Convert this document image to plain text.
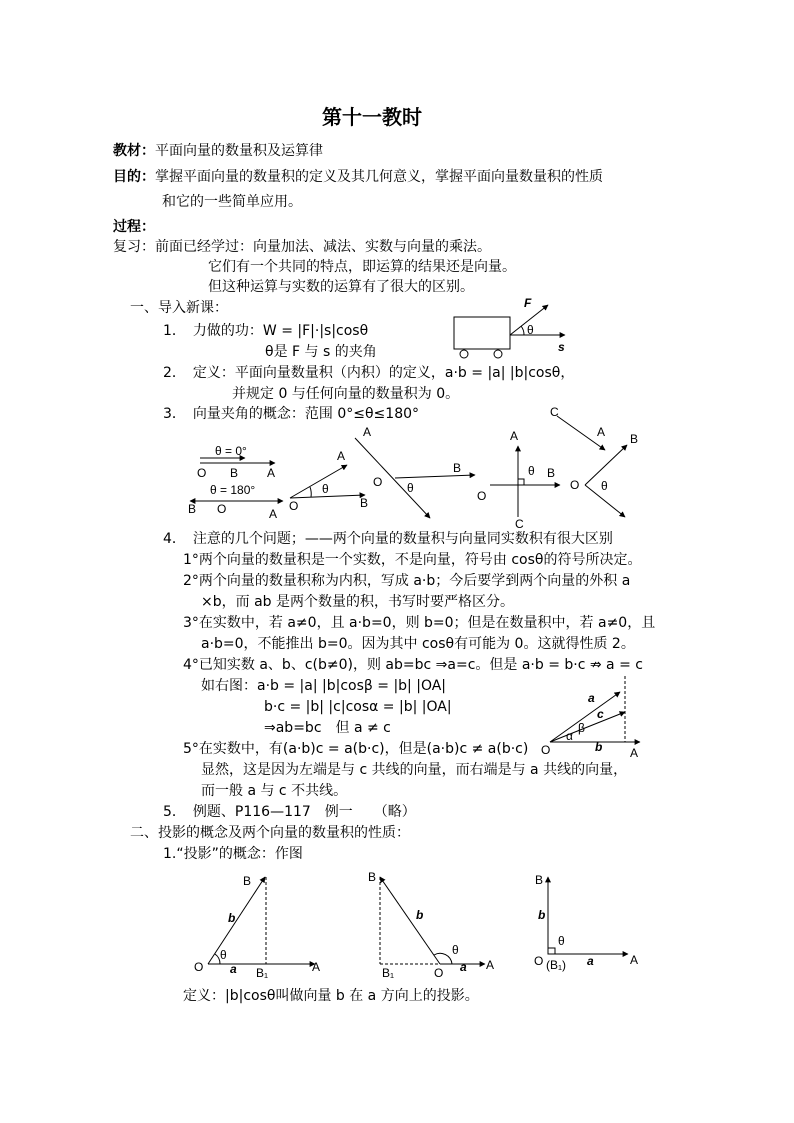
第十一教时
教材：平面向量的数量积及运算律
目的：掌握平面向量的数量积的定义及其几何意义，掌握平面向量数量积的性质
和它的一些简单应用。
过程：
复习：前面已经学过：向量加法、减法、实数与向量的乘法。
它们有一个共同的特点，即运算的结果还是向量。
但这种运算与实数的运算有了很大的区别。
一、导入新课：
1．　力做的功：W = |F|·|s|cosθ
θ是 F 与 s 的夹角
2．　定义：平面向量数量积（内积）的定义，a·b = |a| |b|cosθ，
并规定 0 与任何向量的数量积为 0。
3．　向量夹角的概念：范围 0°≤θ≤180°
F
θ
s
θ = 0°
O B A
θ = 180°
B O	A
O
A
B
θ
A
O
B
θ
A
B
O
C
θ
C
A B
O θ
4．　注意的几个问题；——两个向量的数量积与向量同实数积有很大区别
1°两个向量的数量积是一个实数，不是向量，符号由 cosθ的符号所决定。
2°两个向量的数量积称为内积，写成 a·b；今后要学到两个向量的外积 a
×b，而 ab 是两个数量的积，书写时要严格区分。
3°在实数中，若 a≠0，且 a·b=0，则 b=0；但是在数量积中，若 a≠0，且
a·b=0，不能推出 b=0。因为其中 cosθ有可能为 0。这就得性质 2。
4°已知实数 a、b、c(b≠0)，则 ab=bc ⇒a=c。但是 a·b = b·c ⇏ a = c
如右图：a·b = |a| |b|cosβ = |b| |OA|
b·c = |b| |c|cosα = |b| |OA|
⇒ab=bc　但 a ≠ c
O	A
a
c
b
β
α
5°在实数中，有(a·b)c = a(b·c)，但是(a·b)c ≠ a(b·c)
显然，这是因为左端是与 c 共线的向量，而右端是与 a 共线的向量，
而一般 a 与 c 不共线。
5．　例题、P116—117　例一　　（略）
二、投影的概念及两个向量的数量积的性质：
1.“投影”的概念：作图
B
b
θ
O a B₁	A
B
b
θ
B₁	O a A
B
b
θ
O (B₁) a	A
定义：|b|cosθ叫做向量 b 在 a 方向上的投影。
